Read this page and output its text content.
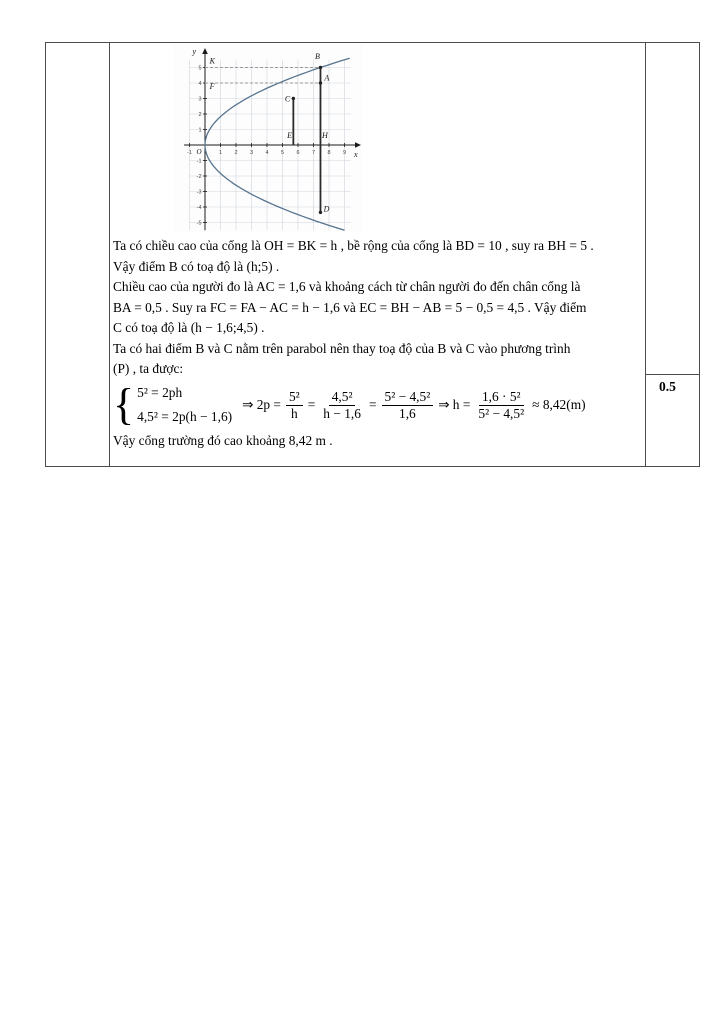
-1	1 2 3 4 5 6 7 8 9
-5
-4
-3
-2
-1
1
2
3
4
5
y
x
O
K
B
A
F
C
E	H
D
Ta có chiều cao của cổng là OH = BK = h , bề rộng của cổng là BD = 10 , suy ra BH = 5 .
Vậy điểm B có toạ độ là (h;5) .
Chiều cao của người đo là AC = 1,6 và khoảng cách từ chân người đo đến chân cổng là
BA = 0,5 . Suy ra FC = FA − AC = h − 1,6 và EC = BH − AB = 5 − 0,5 = 4,5 . Vậy điểm
C có toạ độ là (h − 1,6;4,5) .
Ta có hai điểm B và C nằm trên parabol nên thay toạ độ của B và C vào phương trình
(P) , ta được:
{ 5² = 2ph
4,5² = 2p(h − 1,6)
⇒ $2p = \frac{\text{5²}}{h} = \frac{\text{4,5²}}{h - 1,6} = \frac{\text{5² − 4,5²}}{1,6}$ ⇒ $h = \frac{\text{1,6 · 5²}}{\text{5² − 4,5²}} \approx 8,42(m)$
Vậy cổng trường đó cao khoảng 8,42 m .
0.5
